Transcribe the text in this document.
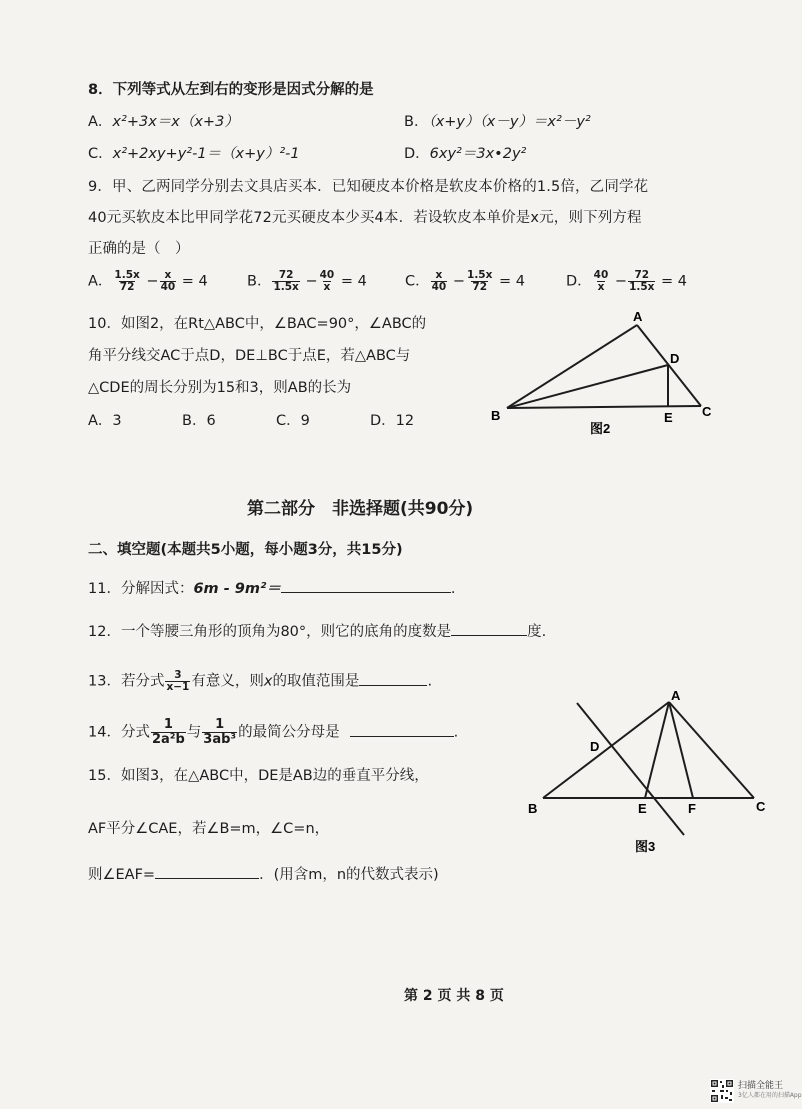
8．下列等式从左到右的变形是因式分解的是
A．x²+3x＝x（x+3）	B．（x+y）（x－y）＝x²－y²
C．x²+2xy+y²-1＝（x+y）²-1	D．6xy²＝3x•2y²
9．甲、乙两同学分别去文具店买本．已知硬皮本价格是软皮本价格的1.5倍，乙同学花
40元买软皮本比甲同学花72元买硬皮本少买4本．若设软皮本单价是x元，则下列方程
正确的是（　）
A． $\frac{1.5x}{72} - \frac{x}{40} = 4$	B． $\frac{72}{1.5x} - \frac{40}{x} = 4$	C． $\frac{x}{40} - \frac{1.5x}{72} = 4$	D． $\frac{40}{x} - \frac{72}{1.5x} = 4$
10．如图2，在Rt△ABC中，∠BAC=90°，∠ABC的
角平分线交AC于点D，DE⊥BC于点E，若△ABC与
△CDE的周长分别为15和3，则AB的长为
A．3	B．6	C．9	D．12
A
B	C
D
E
图2
第二部分　非选择题(共90分)
二、填空题(本题共5小题，每小题3分，共15分)
11．分解因式：6m - 9m²＝	.
12．一个等腰三角形的顶角为80°，则它的底角的度数是	度.
13．若分式 $\frac{3}{x-1}$ 有意义，则x的取值范围是	.
14．分式 $\frac{1}{\text{2a²b}}$ 与 $\frac{1}{\text{3ab³}}$ 的最简公分母是	.
15．如图3，在△ABC中，DE是AB边的垂直平分线，
AF平分∠CAE，若∠B=m，∠C=n，
则∠EAF=	．(用含m，n的代数式表示)
A
B	C
D
E	F
图3
第 2 页 共 8 页
扫描全能王
3亿人都在用的扫描App
